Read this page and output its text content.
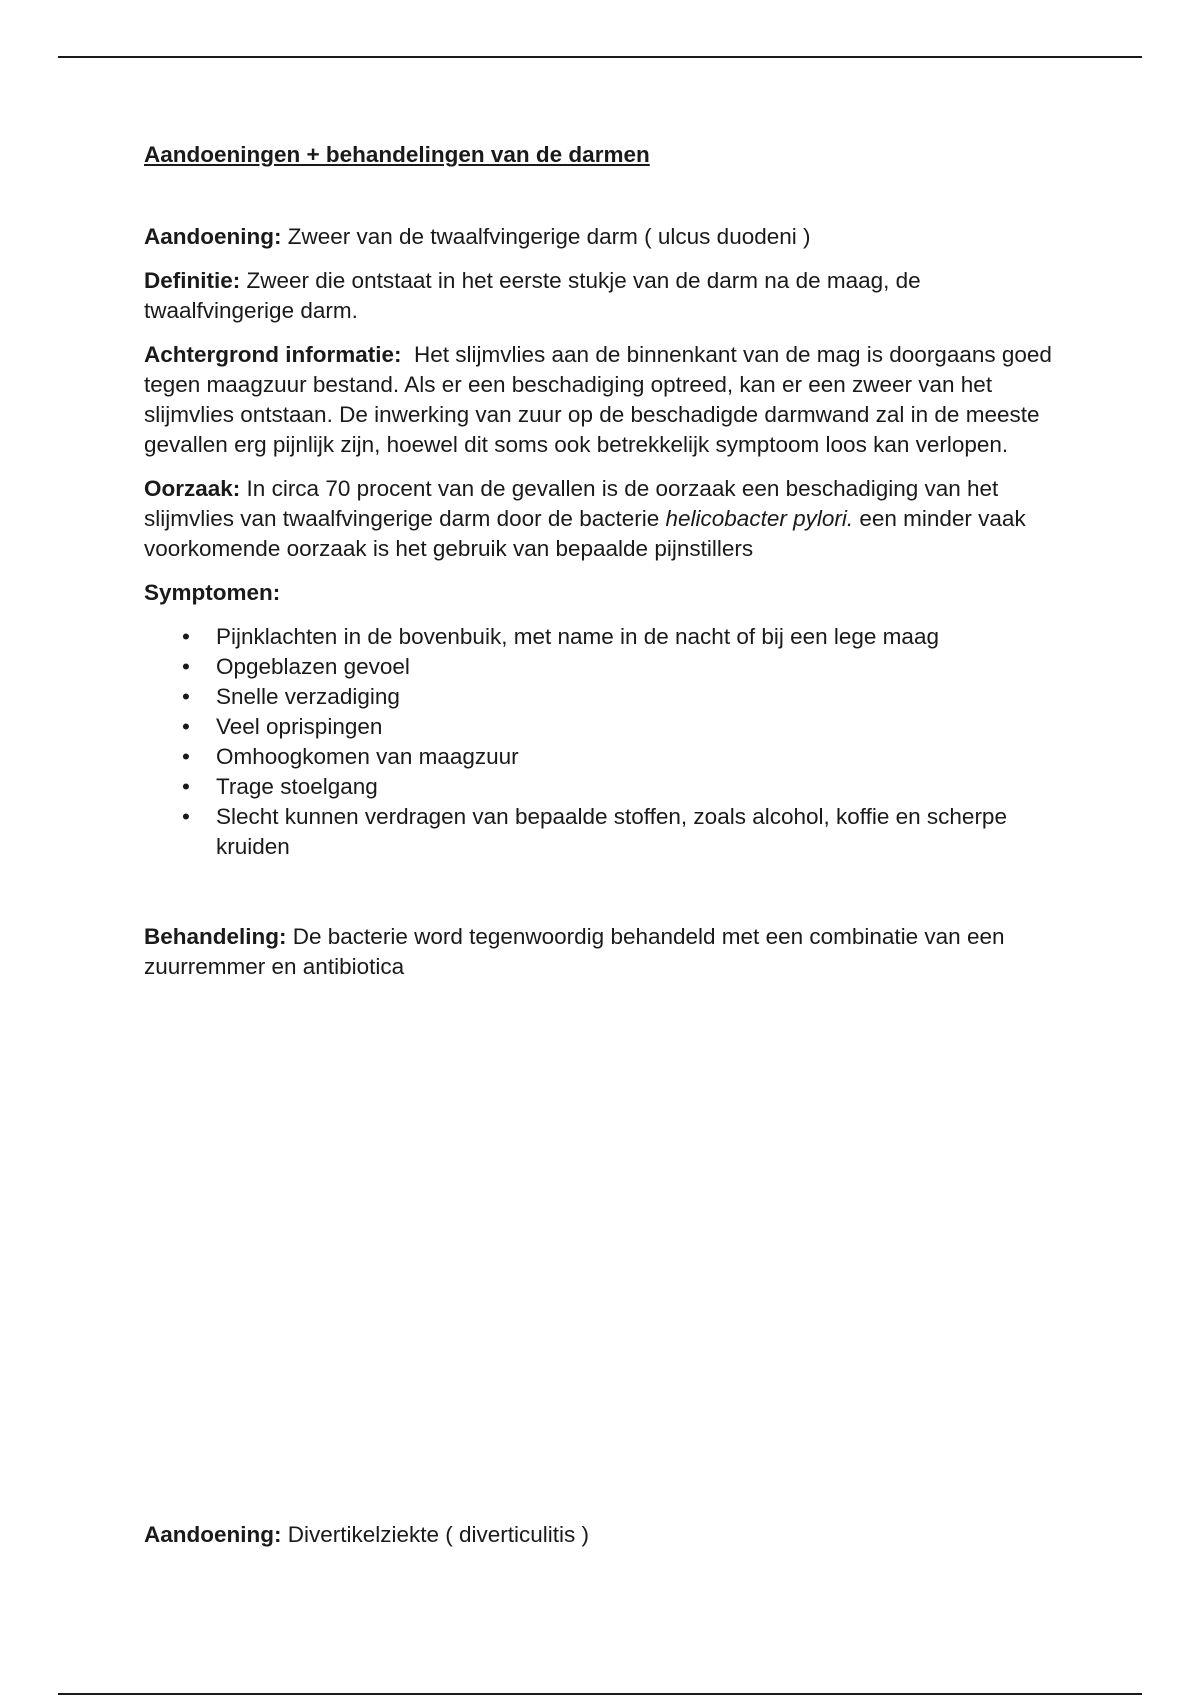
Aandoeningen + behandelingen van de darmen

Aandoening: Zweer van de twaalfvingerige darm ( ulcus duodeni )

Definitie: Zweer die ontstaat in het eerste stukje van de darm na de maag, de twaalfvingerige darm.

Achtergrond informatie:  Het slijmvlies aan de binnenkant van de mag is doorgaans goed  tegen maagzuur bestand. Als er een beschadiging optreed, kan er een zweer van het slijmvlies ontstaan. De inwerking van zuur op de beschadigde darmwand zal in de meeste gevallen erg pijnlijk zijn, hoewel dit soms ook betrekkelijk symptoom loos kan verlopen.

Oorzaak: In circa 70 procent van de gevallen is de oorzaak een beschadiging van het slijmvlies van twaalfvingerige darm door de bacterie helicobacter pylori. een minder vaak voorkomende oorzaak is het gebruik van bepaalde pijnstillers

Symptomen:

• Pijnklachten in de bovenbuik, met name in de nacht of bij een lege maag
• Opgeblazen gevoel
• Snelle verzadiging
• Veel oprispingen
• Omhoogkomen van maagzuur
• Trage stoelgang
• Slecht kunnen verdragen van bepaalde stoffen, zoals alcohol, koffie en scherpe kruiden

Behandeling: De bacterie word tegenwoordig behandeld met een combinatie van een zuurremmer en antibiotica

Aandoening: Divertikelziekte ( diverticulitis )
